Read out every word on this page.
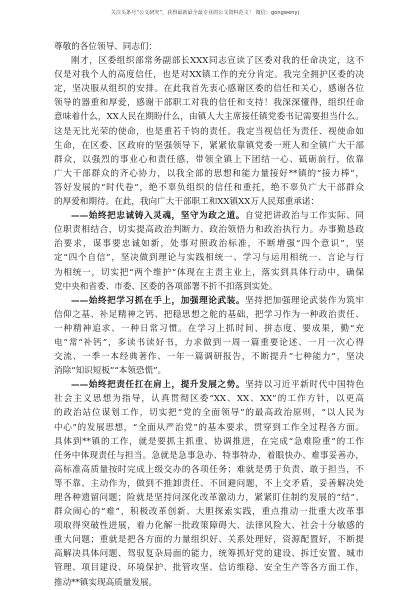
关注头条号“公文研究”，获得最新最全最专业的公文资料范文！ 微信：gongwenyj
尊敬的各位领导、同志们：
刚才，区委组织部常务副部长XXX同志宣读了区委对我的任命决定，这不
仅是对我个人的高度信任，也是对XX镇工作的充分肯定。我完全拥护区委的决
定，坚决服从组织的安排。在此我首先衷心感谢区委的信任和关心，感谢各位
领导的器重和厚爱，感谢干部职工对我的信任和支持！我深深懂得，组织任命
意味着什么，XX人民在期盼什么，由镇人大主席接任镇党委书记需要担当什么。
这是无比光荣的使命，也是重若千钧的责任。我定当视信任为责任、视使命如
生命，在区委、区政府的坚强领导下，紧紧依靠镇党委一班人和全镇广大干部
群众，以强烈的事业心和责任感，带领全镇上下团结一心、砥砺前行，依靠
广大干部群众的齐心协力，以我全部的思想和能力量接好**镇的“接力棒”，
答好发展的“时代卷”，绝不辜负组织的信任和重托，绝不辜负广大干部群众
的厚爱和期待。在此，我向广大干部职工和XX镇XX万人民郑重承诺：
——始终把忠诚铸入灵魂，坚守为政之道。自觉把讲政治与工作实际、同
位职责相结合，切实提高政治判断力、政治领悟力和政治执行力。办事勤恳政
治要求，谋事要忠诚如新，处事对照政治标准，不断增强“四个意识”，坚
定“四个自信”，坚决做到理论与实践相统一、学习与运用相统一、言论与行
为相统一，切实把“两个维护”体现在主责主业上，落实到具体行动中，确保
党中央和省委、市委、区委的各项部署不折不扣落到实处。
——始终把学习抓在手上，加强理论武装。坚持把加强理论武装作为筑牢
信仰之基、补足精神之钙、把稳思想之舵的基础，把学习作为一种政治责任、
一种精神追求、一种日常习惯。在学习上抓时间、拼态度、要成果，勤“充
电”常“补钙”，多读书读好书，力求做到一周一篇重要论述、一月一次心得
交流、一季一本经典著作、一年一篇调研报告，不断提升“七种能力”，坚决
消除“知识短板”“本领恐慌”。
——始终把责任扛在肩上，提升发展之势。坚持以习近平新时代中国特色
社会主义思想为指导，认真贯彻区委“XX、XX、XX”的工作方针，以更高
的政治站位谋划工作，切实把“党的全面领导”的最高政治原则，“以人民为
中心”的发展思想，“全面从严治党”的基本要求，贯穿到工作全过程各方面。
具体到**镇的工作，就是要抓主抓重、协调推进，在完成“急难险重”的工作
任务中体现责任与担当。急就是急事急办、特事特办，着眼快办、难事妥善办，
高标准高质量按时完成上级交办的各项任务；难就是勇于负责、敢于担当，不
等不靠、主动作为，做到不推卸责任、不回避问题，不上交矛盾，妥善解决处
理各种遗留问题；险就是坚持问深化改革激动力，紧紧盯住制约发展的“结”、
群众闹心的“难”，积极改革创新、大胆探索实践，重点推动一批重大改革事
项取得突破性进展，着力化解一批政策障碍大、法律风险大、社会十分敏感的
重大问题；重就是把各方面的力量组织好、关系处理好，资源配置好，不断提
高解决具体问题、驾驭复杂局面的能力，统筹抓好党的建设、拆迁安置、城市
管理、项目建设、环境保护、批管攻坚、信访维稳、安全生产等各方面工作，
推动**镇实现高质量发展。
